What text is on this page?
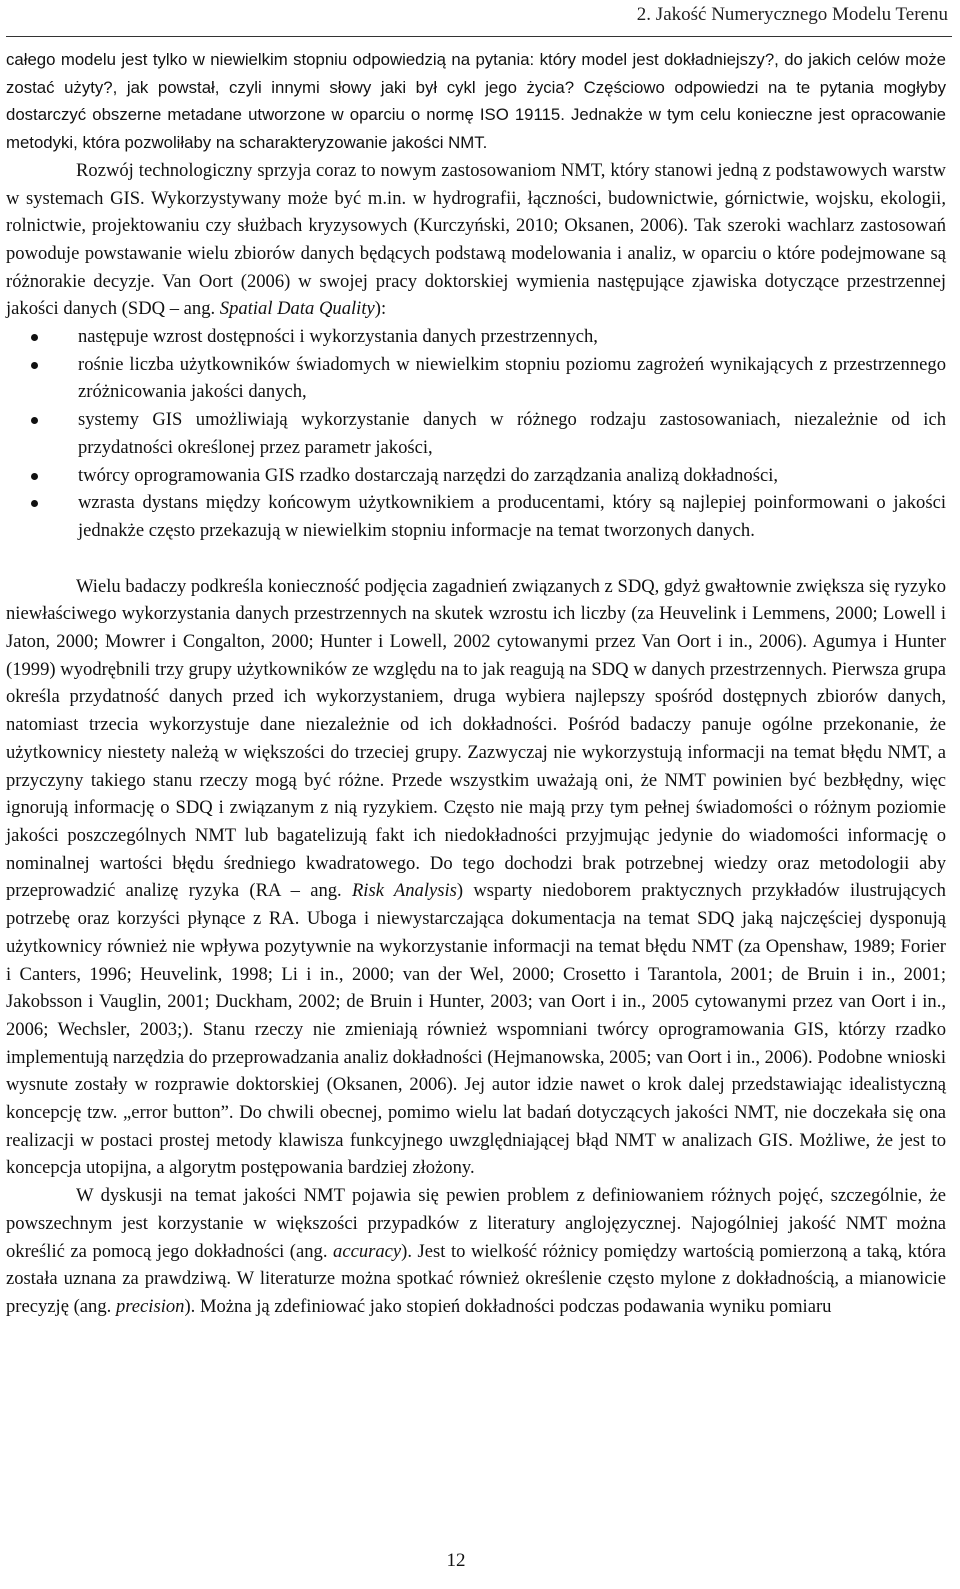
2. Jakość Numerycznego Modelu Terenu

całego modelu jest tylko w niewielkim stopniu odpowiedzią na pytania: który model jest dokładniejszy?, do jakich celów może zostać użyty?, jak powstał, czyli innymi słowy jaki był cykl jego życia? Częściowo odpowiedzi na te pytania mogłyby dostarczyć obszerne metadane utworzone w oparciu o normę ISO 19115. Jednakże w tym celu konieczne jest opracowanie metodyki, która pozwoliłaby na scharakteryzowanie jakości NMT.

Rozwój technologiczny sprzyja coraz to nowym zastosowaniom NMT, który stanowi jedną z podstawowych warstw w systemach GIS. Wykorzystywany może być m.in. w hydrografii, łączności, budownictwie, górnictwie, wojsku, ekologii, rolnictwie, projektowaniu czy służbach kryzysowych (Kurczyński, 2010; Oksanen, 2006). Tak szeroki wachlarz zastosowań powoduje powstawanie wielu zbiorów danych będących podstawą modelowania i analiz, w oparciu o które podejmowane są różnorakie decyzje. Van Oort (2006) w swojej pracy doktorskiej wymienia następujące zjawiska dotyczące przestrzennej jakości danych (SDQ – ang. Spatial Data Quality):

następuje wzrost dostępności i wykorzystania danych przestrzennych,
rośnie liczba użytkowników świadomych w niewielkim stopniu poziomu zagrożeń wynikających z przestrzennego zróżnicowania jakości danych,
systemy GIS umożliwiają wykorzystanie danych w różnego rodzaju zastosowaniach, niezależnie od ich przydatności określonej przez parametr jakości,
twórcy oprogramowania GIS rzadko dostarczają narzędzi do zarządzania analizą dokładności,
wzrasta dystans między końcowym użytkownikiem a producentami, który są najlepiej poinformowani o jakości jednakże często przekazują w niewielkim stopniu informacje na temat tworzonych danych.

Wielu badaczy podkreśla konieczność podjęcia zagadnień związanych z SDQ, gdyż gwałtownie zwiększa się ryzyko niewłaściwego wykorzystania danych przestrzennych na skutek wzrostu ich liczby (za Heuvelink i Lemmens, 2000; Lowell i Jaton, 2000; Mowrer i Congalton, 2000; Hunter i Lowell, 2002 cytowanymi przez Van Oort i in., 2006). Agumya i Hunter (1999) wyodrębnili trzy grupy użytkowników ze względu na to jak reagują na SDQ w danych przestrzennych. Pierwsza grupa określa przydatność danych przed ich wykorzystaniem, druga wybiera najlepszy spośród dostępnych zbiorów danych, natomiast trzecia wykorzystuje dane niezależnie od ich dokładności. Pośród badaczy panuje ogólne przekonanie, że użytkownicy niestety należą w większości do trzeciej grupy. Zazwyczaj nie wykorzystują informacji na temat błędu NMT, a przyczyny takiego stanu rzeczy mogą być różne. Przede wszystkim uważają oni, że NMT powinien być bezbłędny, więc ignorują informację o SDQ i związanym z nią ryzykiem. Często nie mają przy tym pełnej świadomości o różnym poziomie jakości poszczególnych NMT lub bagatelizują fakt ich niedokładności przyjmując jedynie do wiadomości informację o nominalnej wartości błędu średniego kwadratowego. Do tego dochodzi brak potrzebnej wiedzy oraz metodologii aby przeprowadzić analizę ryzyka (RA – ang. Risk Analysis) wsparty niedoborem praktycznych przykładów ilustrujących potrzebę oraz korzyści płynące z RA. Uboga i niewystarczająca dokumentacja na temat SDQ jaką najczęściej dysponują użytkownicy również nie wpływa pozytywnie na wykorzystanie informacji na temat błędu NMT (za Openshaw, 1989; Forier i Canters, 1996; Heuvelink, 1998; Li i in., 2000; van der Wel, 2000; Crosetto i Tarantola, 2001; de Bruin i in., 2001; Jakobsson i Vauglin, 2001; Duckham, 2002; de Bruin i Hunter, 2003; van Oort i in., 2005 cytowanymi przez van Oort i in., 2006; Wechsler, 2003;). Stanu rzeczy nie zmieniają również wspomniani twórcy oprogramowania GIS, którzy rzadko implementują narzędzia do przeprowadzania analiz dokładności (Hejmanowska, 2005; van Oort i in., 2006). Podobne wnioski wysnute zostały w rozprawie doktorskiej (Oksanen, 2006). Jej autor idzie nawet o krok dalej przedstawiając idealistyczną koncepcję tzw. „error button”. Do chwili obecnej, pomimo wielu lat badań dotyczących jakości NMT, nie doczekała się ona realizacji w postaci prostej metody klawisza funkcyjnego uwzględniającej błąd NMT w analizach GIS. Możliwe, że jest to koncepcja utopijna, a algorytm postępowania bardziej złożony.

W dyskusji na temat jakości NMT pojawia się pewien problem z definiowaniem różnych pojęć, szczególnie, że powszechnym jest korzystanie w większości przypadków z literatury anglojęzycznej. Najogólniej jakość NMT można określić za pomocą jego dokładności (ang. accuracy). Jest to wielkość różnicy pomiędzy wartością pomierzoną a taką, która została uznana za prawdziwą. W literaturze można spotkać również określenie często mylone z dokładnością, a mianowicie precyzję (ang. precision). Można ją zdefiniować jako stopień dokładności podczas podawania wyniku pomiaru

12
